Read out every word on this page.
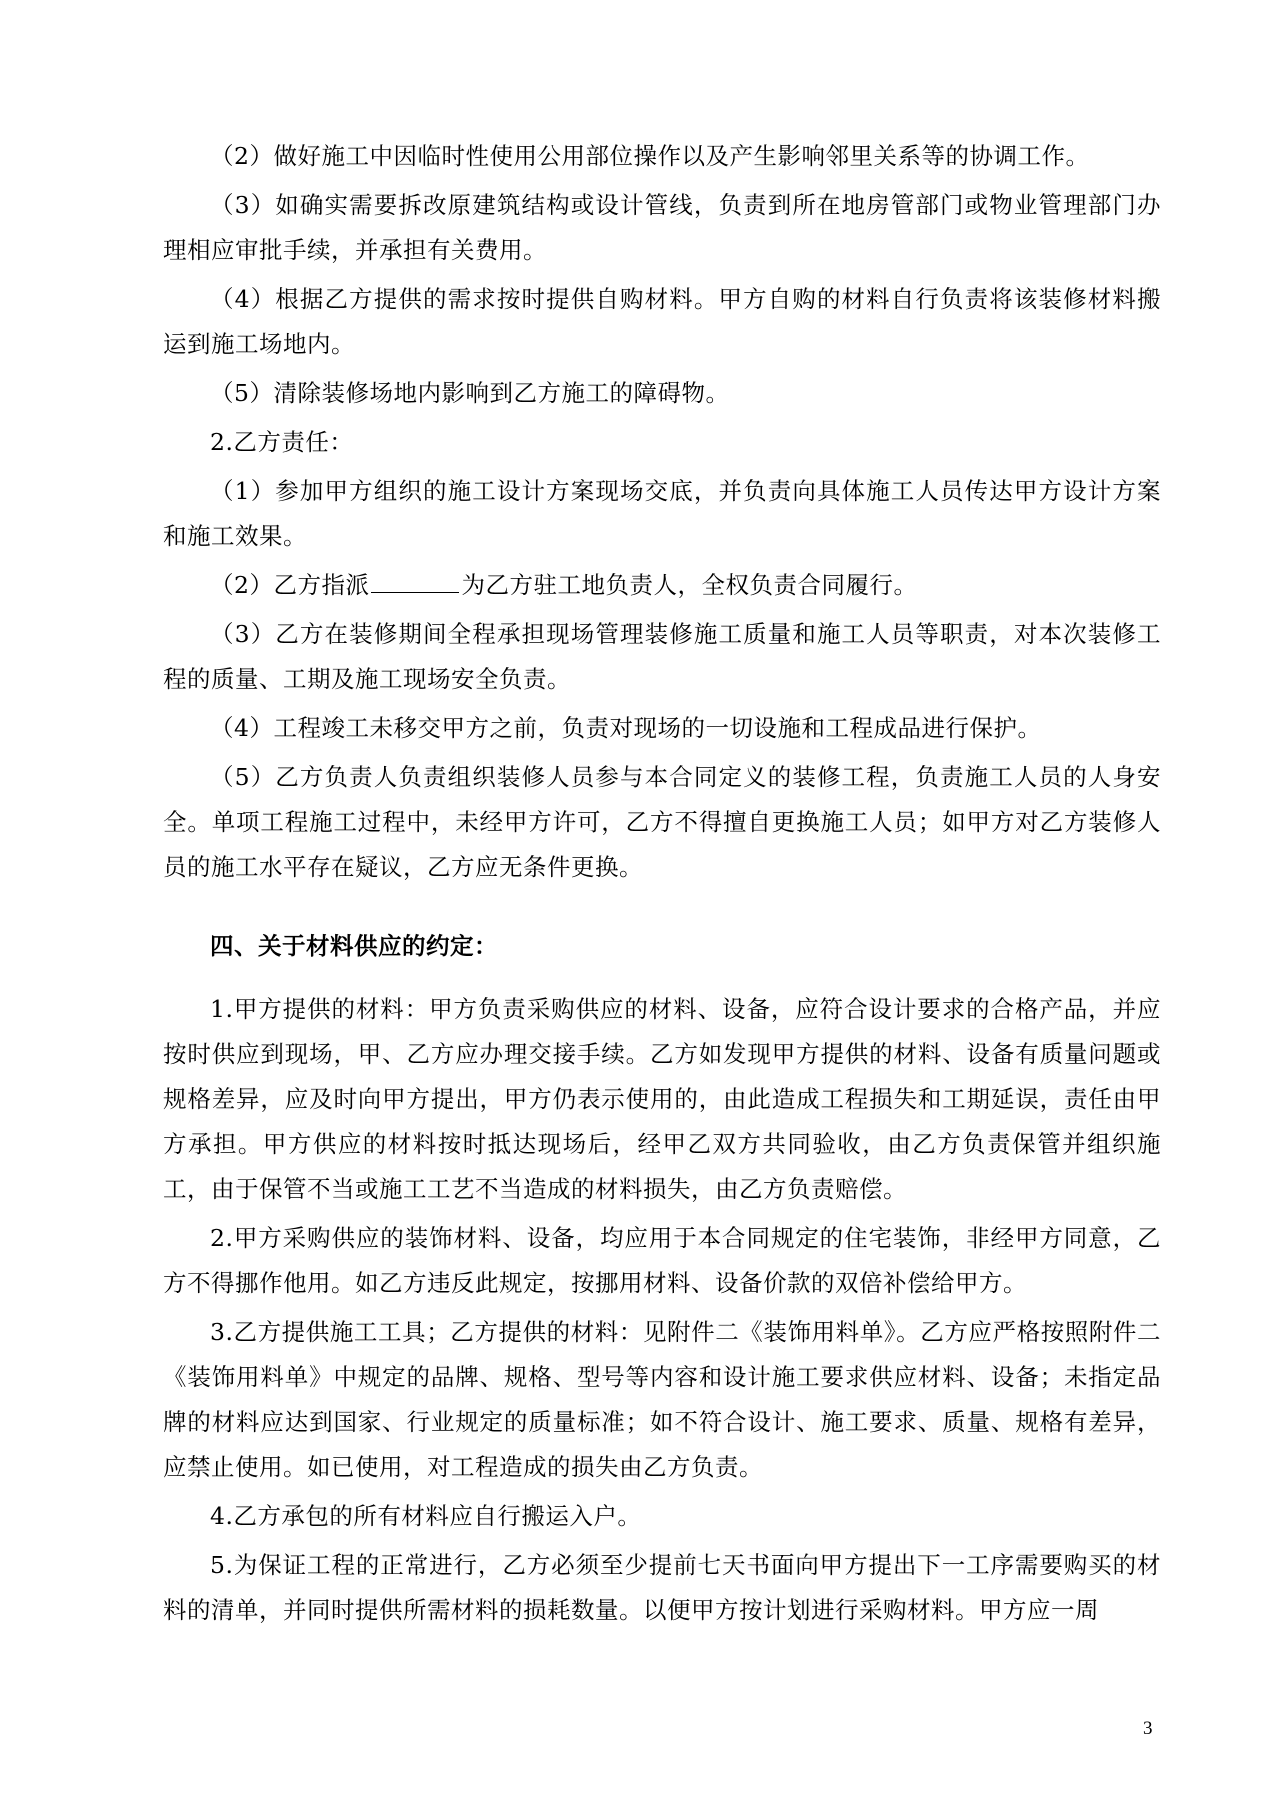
（2）做好施工中因临时性使用公用部位操作以及产生影响邻里关系等的协调工作。

（3）如确实需要拆改原建筑结构或设计管线，负责到所在地房管部门或物业管理部门办理相应审批手续，并承担有关费用。

（4）根据乙方提供的需求按时提供自购材料。甲方自购的材料自行负责将该装修材料搬运到施工场地内。

（5）清除装修场地内影响到乙方施工的障碍物。

2.乙方责任：

（1）参加甲方组织的施工设计方案现场交底，并负责向具体施工人员传达甲方设计方案和施工效果。

（2）乙方指派	为乙方驻工地负责人，全权负责合同履行。

（3）乙方在装修期间全程承担现场管理装修施工质量和施工人员等职责，对本次装修工程的质量、工期及施工现场安全负责。

（4）工程竣工未移交甲方之前，负责对现场的一切设施和工程成品进行保护。

（5）乙方负责人负责组织装修人员参与本合同定义的装修工程，负责施工人员的人身安全。单项工程施工过程中，未经甲方许可，乙方不得擅自更换施工人员；如甲方对乙方装修人员的施工水平存在疑议，乙方应无条件更换。

四、关于材料供应的约定：

1.甲方提供的材料：甲方负责采购供应的材料、设备，应符合设计要求的合格产品，并应按时供应到现场，甲、乙方应办理交接手续。乙方如发现甲方提供的材料、设备有质量问题或规格差异，应及时向甲方提出，甲方仍表示使用的，由此造成工程损失和工期延误，责任由甲方承担。甲方供应的材料按时抵达现场后，经甲乙双方共同验收，由乙方负责保管并组织施工，由于保管不当或施工工艺不当造成的材料损失，由乙方负责赔偿。

2.甲方采购供应的装饰材料、设备，均应用于本合同规定的住宅装饰，非经甲方同意，乙方不得挪作他用。如乙方违反此规定，按挪用材料、设备价款的双倍补偿给甲方。

3.乙方提供施工工具；乙方提供的材料：见附件二《装饰用料单》。乙方应严格按照附件二《装饰用料单》中规定的品牌、规格、型号等内容和设计施工要求供应材料、设备；未指定品牌的材料应达到国家、行业规定的质量标准；如不符合设计、施工要求、质量、规格有差异，应禁止使用。如已使用，对工程造成的损失由乙方负责。

4.乙方承包的所有材料应自行搬运入户。

5.为保证工程的正常进行，乙方必须至少提前七天书面向甲方提出下一工序需要购买的材料的清单，并同时提供所需材料的损耗数量。以便甲方按计划进行采购材料。甲方应一周

3
